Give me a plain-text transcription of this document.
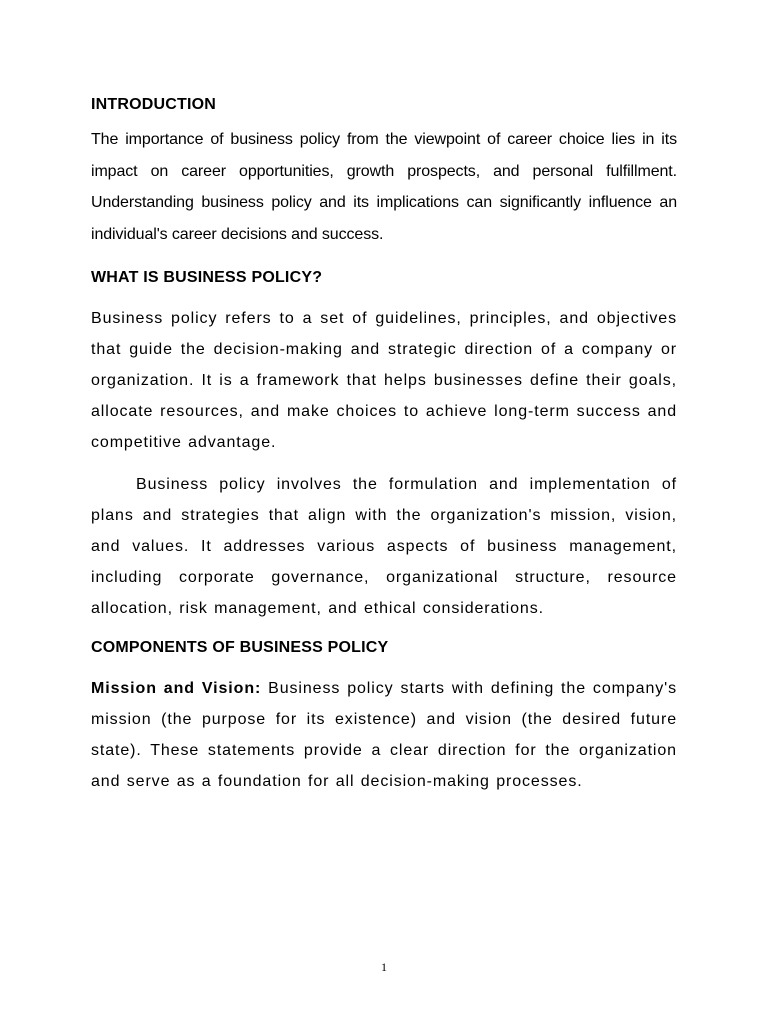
INTRODUCTION

The importance of business policy from the viewpoint of career choice lies in its impact on career opportunities, growth prospects, and personal fulfillment. Understanding business policy and its implications can significantly influence an individual's career decisions and success.

WHAT IS BUSINESS POLICY?

Business policy refers to a set of guidelines, principles, and objectives that guide the decision-making and strategic direction of a company or organization. It is a framework that helps businesses define their goals, allocate resources, and make choices to achieve long-term success and competitive advantage.

Business policy involves the formulation and implementation of plans and strategies that align with the organization's mission, vision, and values. It addresses various aspects of business management, including corporate governance, organizational structure, resource allocation, risk management, and ethical considerations.

COMPONENTS OF BUSINESS POLICY

Mission and Vision: Business policy starts with defining the company's mission (the purpose for its existence) and vision (the desired future state). These statements provide a clear direction for the organization and serve as a foundation for all decision-making processes.

1
